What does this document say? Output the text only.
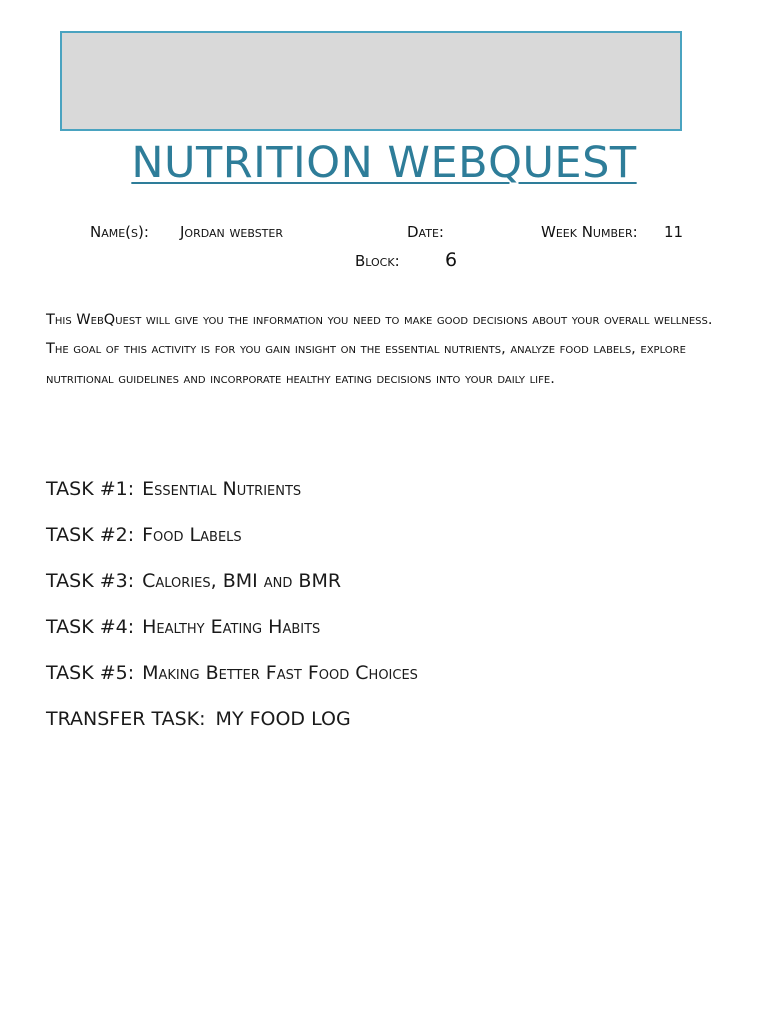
NUTRITION WEBQUEST
Name(s): Jordan webster	Date:	Week Number: 11
Block: 6
This WebQuest will give you the information you need to make good decisions about your overall wellness. The goal of this activity is for you gain insight on the essential nutrients, analyze food labels, explore nutritional guidelines and incorporate healthy eating decisions into your daily life.
TASK #1: Essential Nutrients
TASK #2: Food Labels
TASK #3: Calories, BMI and BMR
TASK #4: Healthy Eating Habits
TASK #5: Making Better Fast Food Choices
TRANSFER TASK: MY FOOD LOG
